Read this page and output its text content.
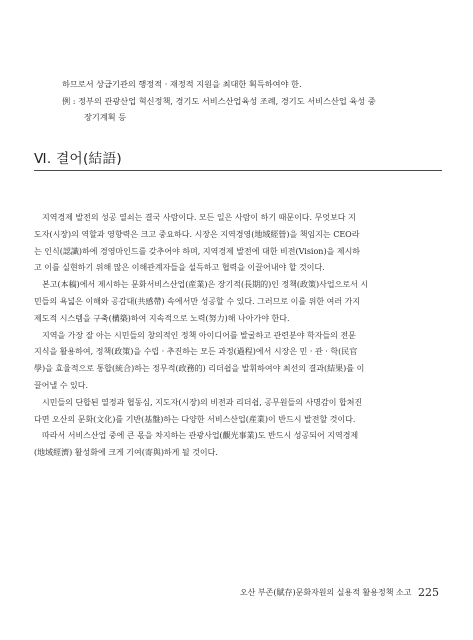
하므로서 상급기관의 행정적 · 재정적 지원을 최대한 획득하여야 한.
例 : 정부의 관광산업 혁신정책, 경기도 서비스산업육성 조례, 경기도 서비스산업 육성 중
장기계획 등
Ⅵ. 결어(結語)
지역경제 발전의 성공 열쇠는 결국 사람이다. 모든 일은 사람이 하기 때문이다. 무엇보다 지
도자(시장)의 역할과 영향력은 크고 중요하다. 시장은 지역경영(地域經營)을 책임지는 CEO라
는 인식(認識)하에 경영마인드를 갖추어야 하며, 지역경제 발전에 대한 비전(Vision)을 제시하
고 이를 실현하기 위해 많은 이해관계자들을 설득하고 협력을 이끌어내야 할 것이다.
본고(本稿)에서 제시하는 문화서비스산업(産業)은 장기적(長期的)인 정책(政策)사업으로서 시
민들의 욕넓은 이해와 공감대(共感帶) 속에서만 성공할 수 있다. 그러므로 이를 위한 여러 가지
제도적 시스템을 구축(構築)하여 지속적으로 노력(努力)해 나아가야 한다.
지역을 가장 잘 아는 시민들의 창의적인 정책 아이디어를 발굴하고 관련분야 학자들의 전문
지식을 활용하여, 정책(政策)을 수립 · 추진하는 모든 과정(過程)에서 시장은 민 · 관 · 학(民官
學)을 효율적으로 통합(統合)하는 정무적(政務的) 리더쉽을 발휘하여야 최선의 결과(結果)를 이
끌어낼 수 있다.
시민들의 단합된 열정과 협동심, 지도자(시장)의 비전과 리더쉽, 공무원들의 사명감이 합쳐진
다면 오산의 문화(文化)를 기반(基盤)하는 다양한 서비스산업(産業)이 반드시 발전할 것이다.
따라서 서비스산업 중에 큰 몫을 차지하는 관광사업(觀光事業)도 반드시 성공되어 지역경제
(地域經濟) 활성화에 크게 기여(寄與)하게 될 것이다.
오산 부존(賦存)문화자원의 실용적 활용정책 소고 225
